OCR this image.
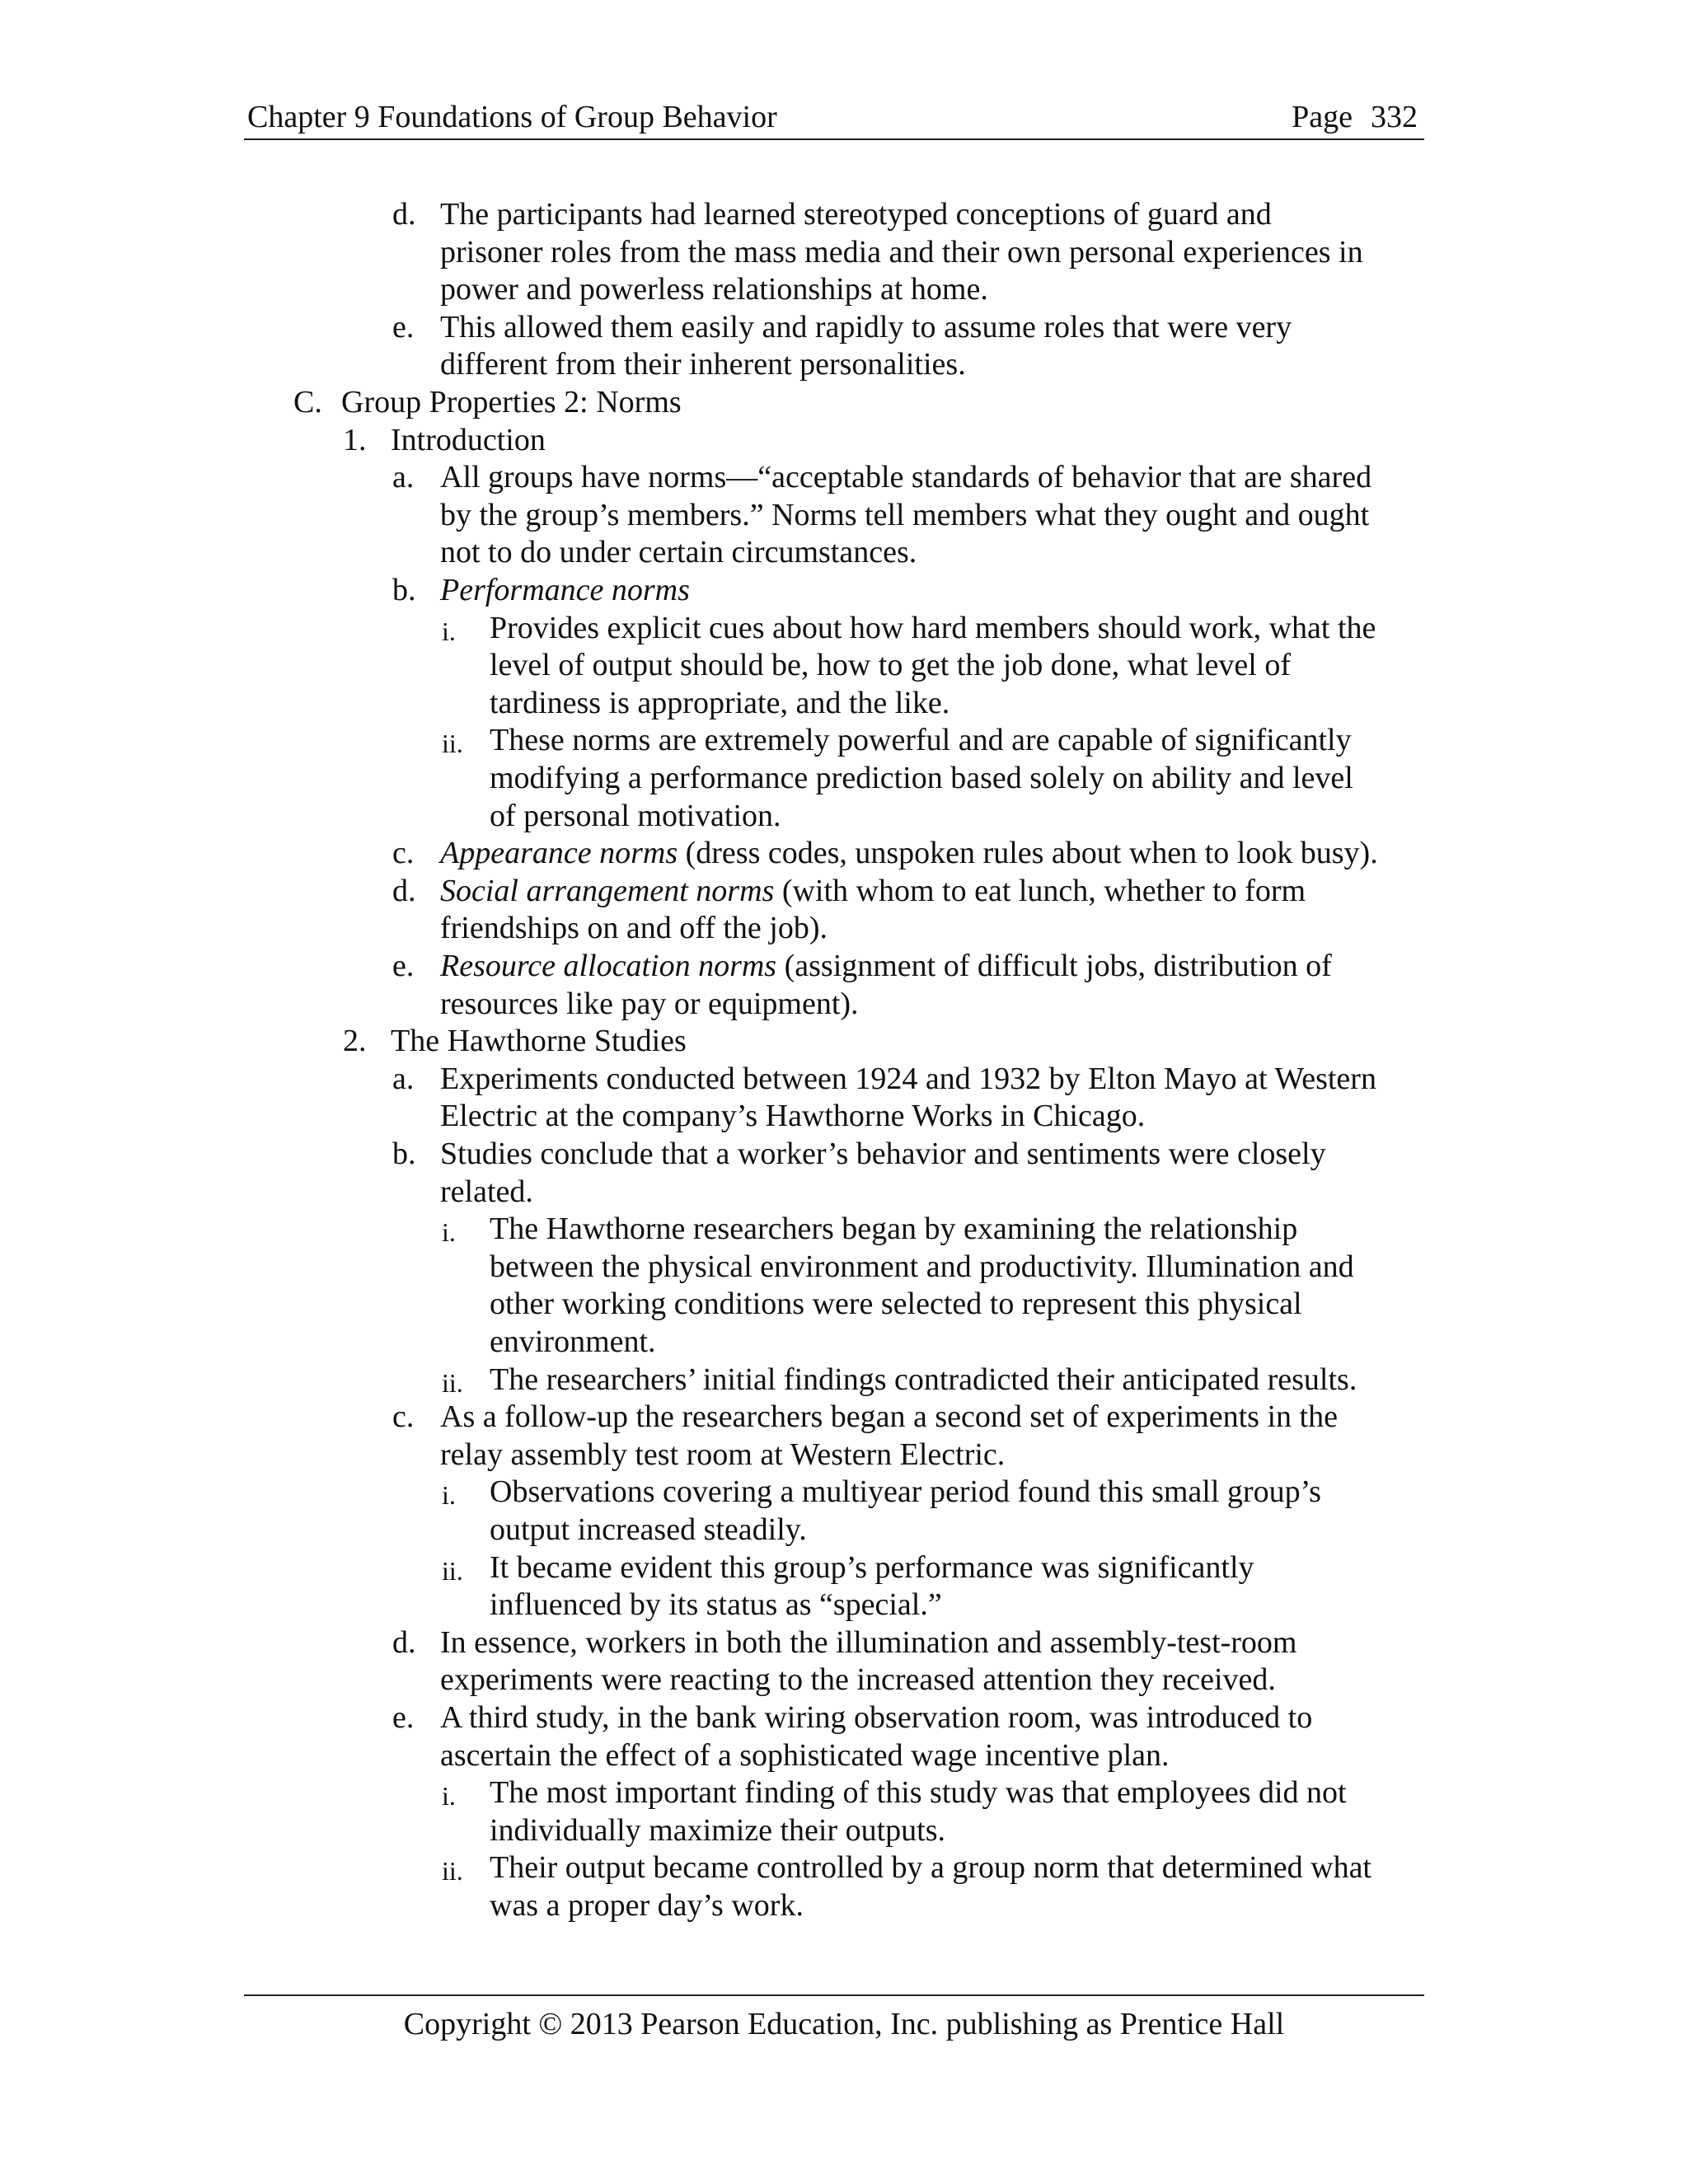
Chapter 9 Foundations of Group Behavior	Page 332
d. The participants had learned stereotyped conceptions of guard and
prisoner roles from the mass media and their own personal experiences in
power and powerless relationships at home.
e. This allowed them easily and rapidly to assume roles that were very
different from their inherent personalities.
C. Group Properties 2: Norms
1. Introduction
a. All groups have norms—“acceptable standards of behavior that are shared
by the group’s members.” Norms tell members what they ought and ought
not to do under certain circumstances.
b. Performance norms
i. Provides explicit cues about how hard members should work, what the
level of output should be, how to get the job done, what level of
tardiness is appropriate, and the like.
ii. These norms are extremely powerful and are capable of significantly
modifying a performance prediction based solely on ability and level
of personal motivation.
c. Appearance norms (dress codes, unspoken rules about when to look busy).
d. Social arrangement norms (with whom to eat lunch, whether to form
friendships on and off the job).
e. Resource allocation norms (assignment of difficult jobs, distribution of
resources like pay or equipment).
2. The Hawthorne Studies
a. Experiments conducted between 1924 and 1932 by Elton Mayo at Western
Electric at the company’s Hawthorne Works in Chicago.
b. Studies conclude that a worker’s behavior and sentiments were closely
related.
i. The Hawthorne researchers began by examining the relationship
between the physical environment and productivity. Illumination and
other working conditions were selected to represent this physical
environment.
ii. The researchers’ initial findings contradicted their anticipated results.
c. As a follow-up the researchers began a second set of experiments in the
relay assembly test room at Western Electric.
i. Observations covering a multiyear period found this small group’s
output increased steadily.
ii. It became evident this group’s performance was significantly
influenced by its status as “special.”
d. In essence, workers in both the illumination and assembly-test-room
experiments were reacting to the increased attention they received.
e. A third study, in the bank wiring observation room, was introduced to
ascertain the effect of a sophisticated wage incentive plan.
i. The most important finding of this study was that employees did not
individually maximize their outputs.
ii. Their output became controlled by a group norm that determined what
was a proper day’s work.
Copyright © 2013 Pearson Education, Inc. publishing as Prentice Hall
